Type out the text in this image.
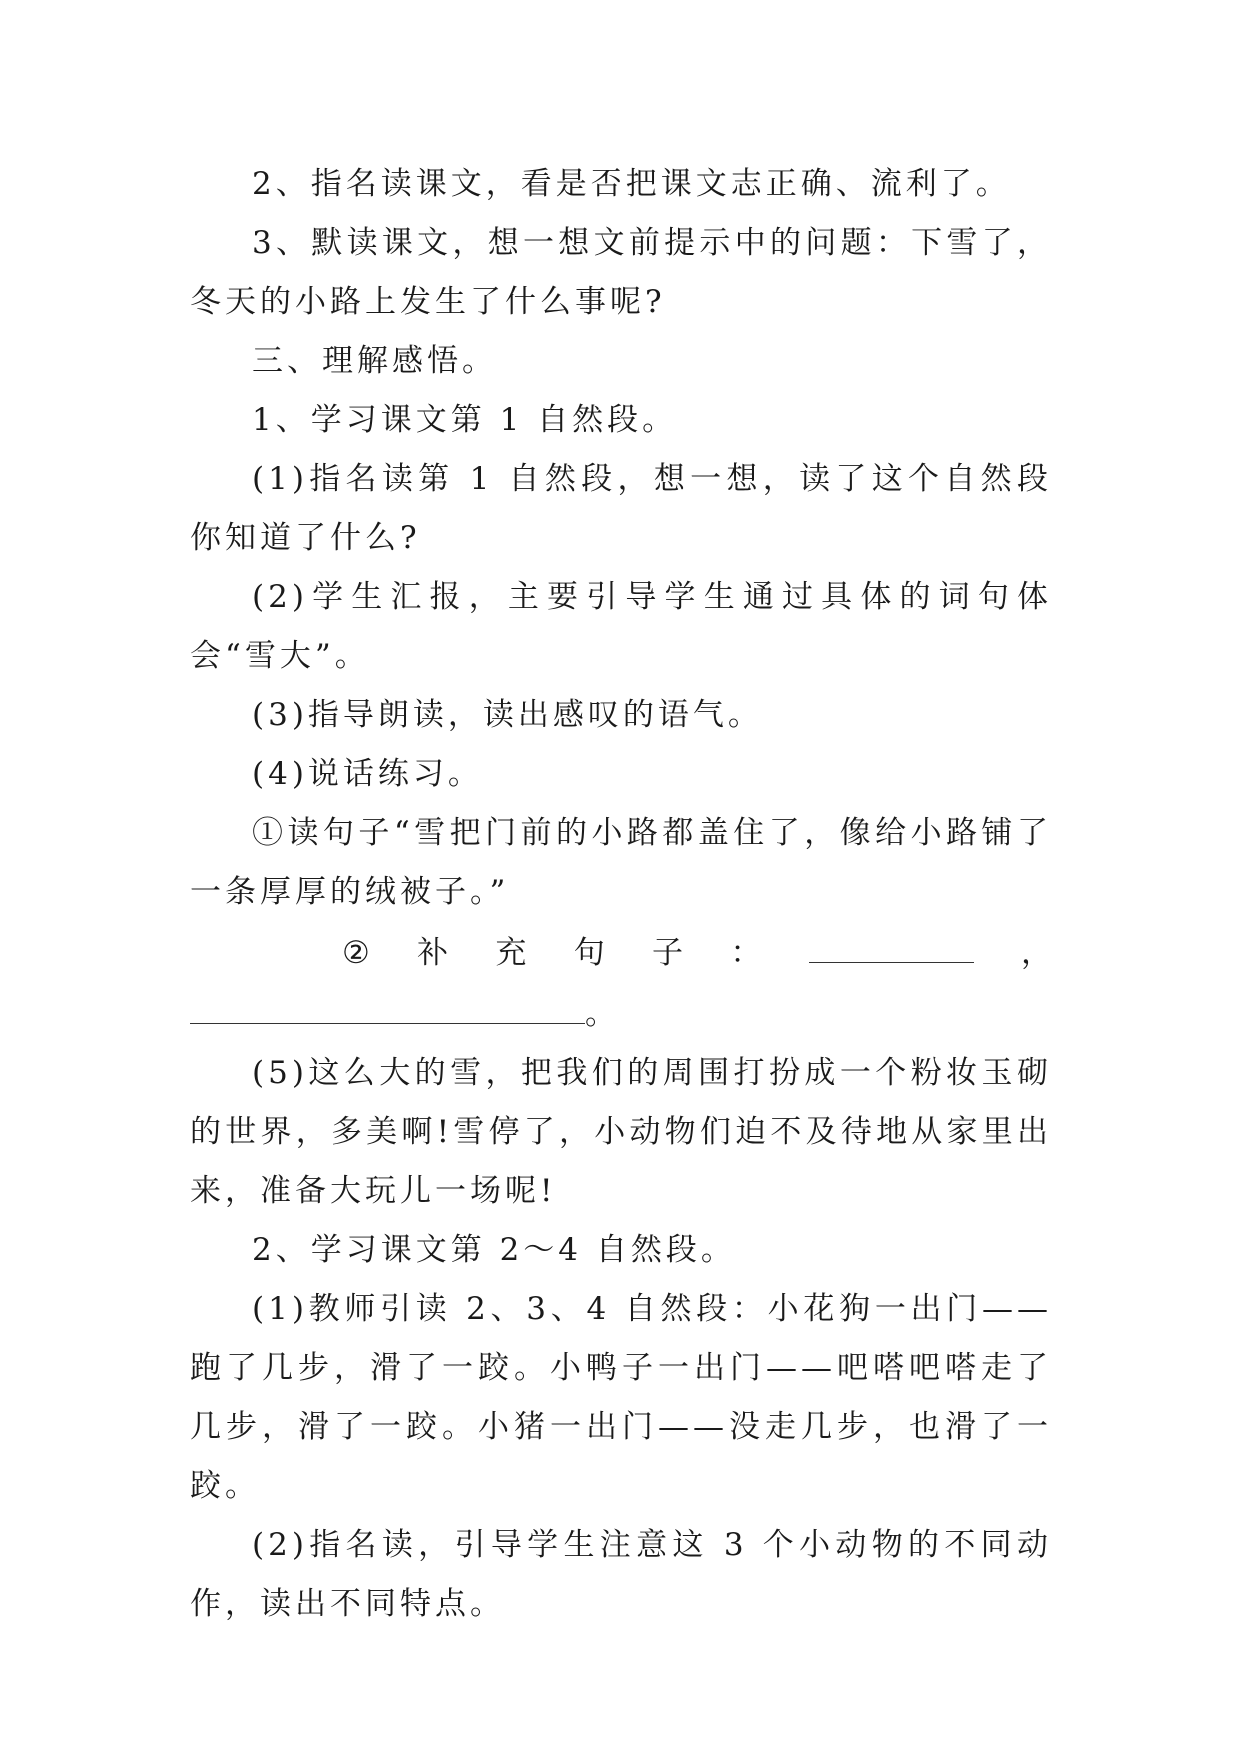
2、指名读课文，看是否把课文志正确、流利了。

3、默读课文，想一想文前提示中的问题：下雪了，冬天的小路上发生了什么事呢?

三、理解感悟。

1、学习课文第 1 自然段。

(1)指名读第 1 自然段，想一想，读了这个自然段你知道了什么?

(2)学生汇报，主要引导学生通过具体的词句体会“雪大”。

(3)指导朗读，读出感叹的语气。

(4)说话练习。

①读句子“雪把门前的小路都盖住了，像给小路铺了一条厚厚的绒被子。”

② 补 充 句 子 ：	，
。

(5)这么大的雪，把我们的周围打扮成一个粉妆玉砌的世界，多美啊!雪停了，小动物们迫不及待地从家里出来，准备大玩儿一场呢!

2、学习课文第 2～4 自然段。

(1)教师引读 2、3、4 自然段：小花狗一出门——跑了几步，滑了一跤。小鸭子一出门——吧嗒吧嗒走了几步，滑了一跤。小猪一出门——没走几步，也滑了一跤。

(2)指名读，引导学生注意这 3 个小动物的不同动作，读出不同特点。
